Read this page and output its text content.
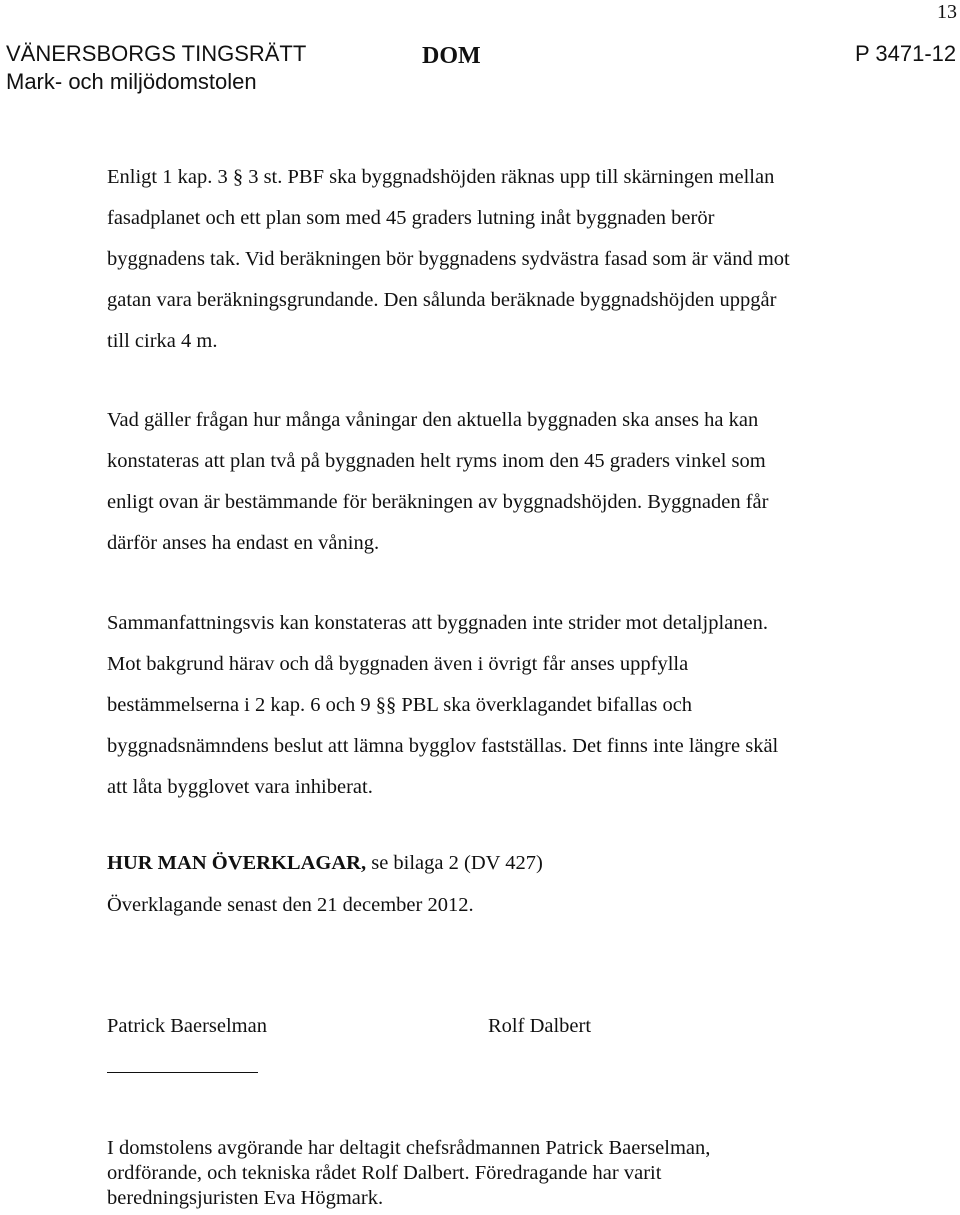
13
VÄNERSBORGS TINGSRÄTT
Mark- och miljödomstolen
DOM	P 3471-12
Enligt 1 kap. 3 § 3 st. PBF ska byggnadshöjden räknas upp till skärningen mellan
fasadplanet och ett plan som med 45 graders lutning inåt byggnaden berör
byggnadens tak. Vid beräkningen bör byggnadens sydvästra fasad som är vänd mot
gatan vara beräkningsgrundande. Den sålunda beräknade byggnadshöjden uppgår
till cirka 4 m.
Vad gäller frågan hur många våningar den aktuella byggnaden ska anses ha kan
konstateras att plan två på byggnaden helt ryms inom den 45 graders vinkel som
enligt ovan är bestämmande för beräkningen av byggnadshöjden. Byggnaden får
därför anses ha endast en våning.
Sammanfattningsvis kan konstateras att byggnaden inte strider mot detaljplanen.
Mot bakgrund härav och då byggnaden även i övrigt får anses uppfylla
bestämmelserna i 2 kap. 6 och 9 §§ PBL ska överklagandet bifallas och
byggnadsnämndens beslut att lämna bygglov fastställas. Det finns inte längre skäl
att låta bygglovet vara inhiberat.
HUR MAN ÖVERKLAGAR, se bilaga 2 (DV 427)
Överklagande senast den 21 december 2012.
Patrick Baerselman	Rolf Dalbert
I domstolens avgörande har deltagit chefsrådmannen Patrick Baerselman,
ordförande, och tekniska rådet Rolf Dalbert. Föredragande har varit
beredningsjuristen Eva Högmark.
